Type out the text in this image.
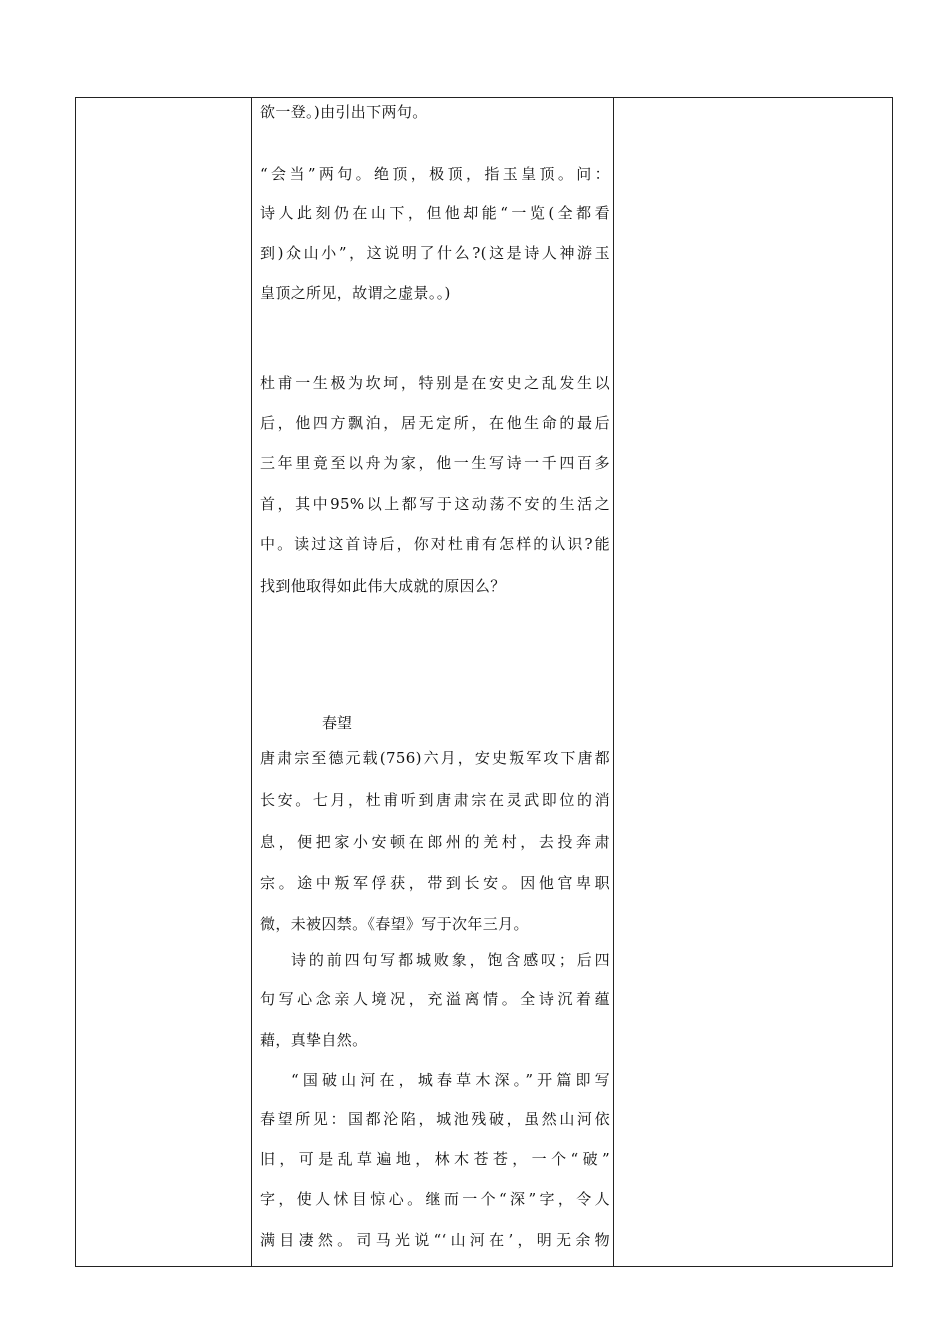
欲一登。)由引出下两句。
“会当”两句。绝顶，极顶，指玉皇顶。问：
诗人此刻仍在山下，但他却能“一览(全都看
到)众山小”，这说明了什么?(这是诗人神游玉
皇顶之所见，故谓之虚景。。)
杜甫一生极为坎坷，特别是在安史之乱发生以
后，他四方飘泊，居无定所，在他生命的最后
三年里竟至以舟为家，他一生写诗一千四百多
首，其中95%以上都写于这动荡不安的生活之
中。读过这首诗后，你对杜甫有怎样的认识?能
找到他取得如此伟大成就的原因么？
春望
唐肃宗至德元载(756)六月，安史叛军攻下唐都
长安。七月，杜甫听到唐肃宗在灵武即位的消
息，便把家小安顿在郎州的羌村，去投奔肃
宗。途中叛军俘获，带到长安。因他官卑职
微，未被囚禁。《春望》写于次年三月。
诗的前四句写都城败象，饱含感叹；后四
句写心念亲人境况，充溢离情。全诗沉着蕴
藉，真挚自然。
“国破山河在，城春草木深。”开篇即写
春望所见：国都沦陷，城池残破，虽然山河依
旧，可是乱草遍地，林木苍苍，一个“破”
字，使人怵目惊心。继而一个“深”字，令人
满目凄然。司马光说“‘山河在’，明无余物
